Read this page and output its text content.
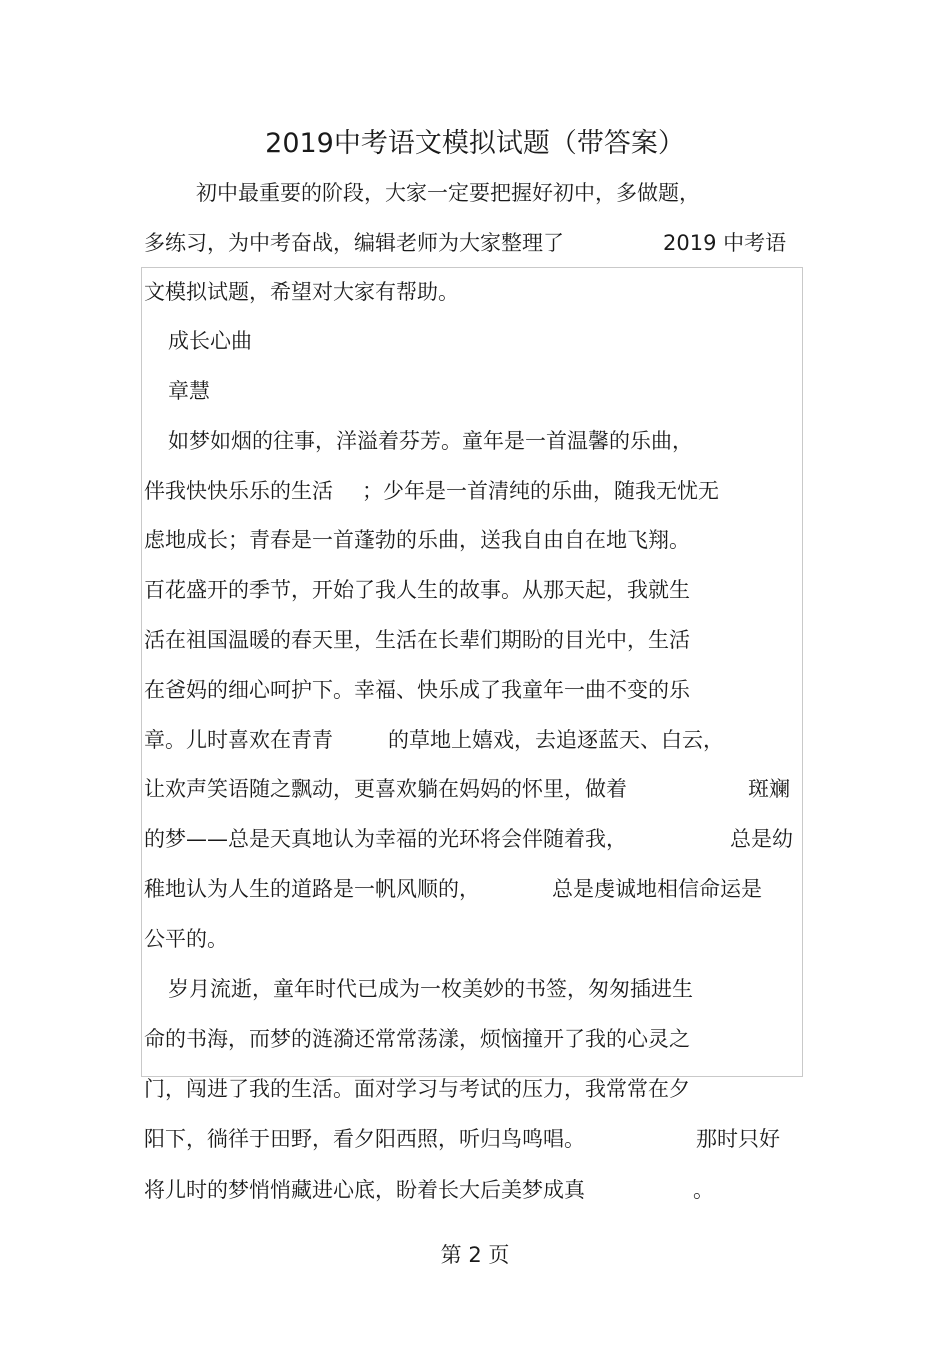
2019中考语文模拟试题（带答案）

初中最重要的阶段，大家一定要把握好初中，多做题，

多练习，为中考奋战，编辑老师为大家整理了	2019 中考语

文模拟试题，希望对大家有帮助。

成长心曲

章慧

如梦如烟的往事，洋溢着芬芳。童年是一首温馨的乐曲，

伴我快快乐乐的生活 ；少年是一首清纯的乐曲，随我无忧无

虑地成长；青春是一首蓬勃的乐曲，送我自由自在地飞翔。

百花盛开的季节，开始了我人生的故事。从那天起，我就生

活在祖国温暖的春天里，生活在长辈们期盼的目光中，生活

在爸妈的细心呵护下。幸福、快乐成了我童年一曲不变的乐

章。儿时喜欢在青青	的草地上嬉戏，去追逐蓝天、白云，

让欢声笑语随之飘动，更喜欢躺在妈妈的怀里，做着	斑斓

的梦——总是天真地认为幸福的光环将会伴随着我，	总是幼

稚地认为人生的道路是一帆风顺的，	总是虔诚地相信命运是

公平的。

岁月流逝，童年时代已成为一枚美妙的书签，匆匆插进生

命的书海，而梦的涟漪还常常荡漾，烦恼撞开了我的心灵之

门，闯进了我的生活。面对学习与考试的压力，我常常在夕

阳下，徜徉于田野，看夕阳西照，听归鸟鸣唱。	那时只好

将儿时的梦悄悄藏进心底，盼着长大后美梦成真	。

第 2 页
